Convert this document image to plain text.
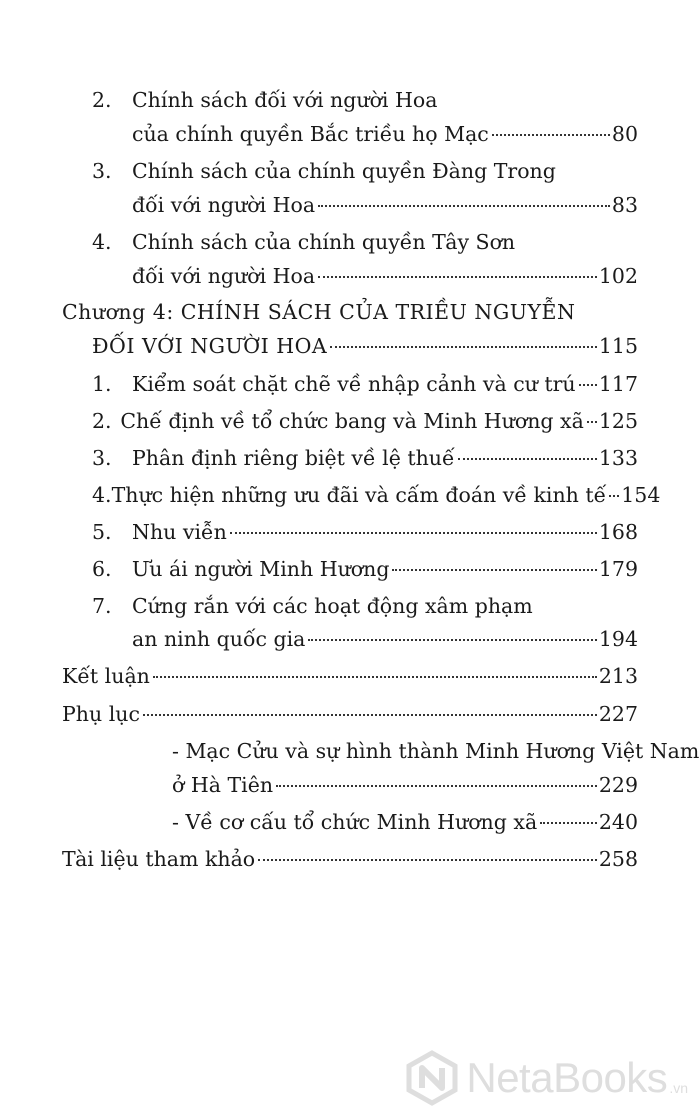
2. Chính sách đối với người Hoa
của chính quyền Bắc triều họ Mạc	80
3. Chính sách của chính quyền Đàng Trong
đối với người Hoa	83
4. Chính sách của chính quyền Tây Sơn
đối với người Hoa	102
Chương 4: CHÍNH SÁCH CỦA TRIỀU NGUYỄN
ĐỐI VỚI NGƯỜI HOA	115
1. Kiểm soát chặt chẽ về nhập cảnh và cư trú 117
2. Chế định về tổ chức bang và Minh Hương xã 125
3. Phân định riêng biệt về lệ thuế	133
4. Thực hiện những ưu đãi và cấm đoán về kinh tế 154
5. Nhu viễn	168
6. Ưu ái người Minh Hương	179
7. Cứng rắn với các hoạt động xâm phạm
an ninh quốc gia	194
Kết luận	213
Phụ lục	227
- Mạc Cửu và sự hình thành Minh Hương Việt Nam
ở Hà Tiên	229
- Về cơ cấu tổ chức Minh Hương xã	240
Tài liệu tham khảo	258
NetaBooks .vn
